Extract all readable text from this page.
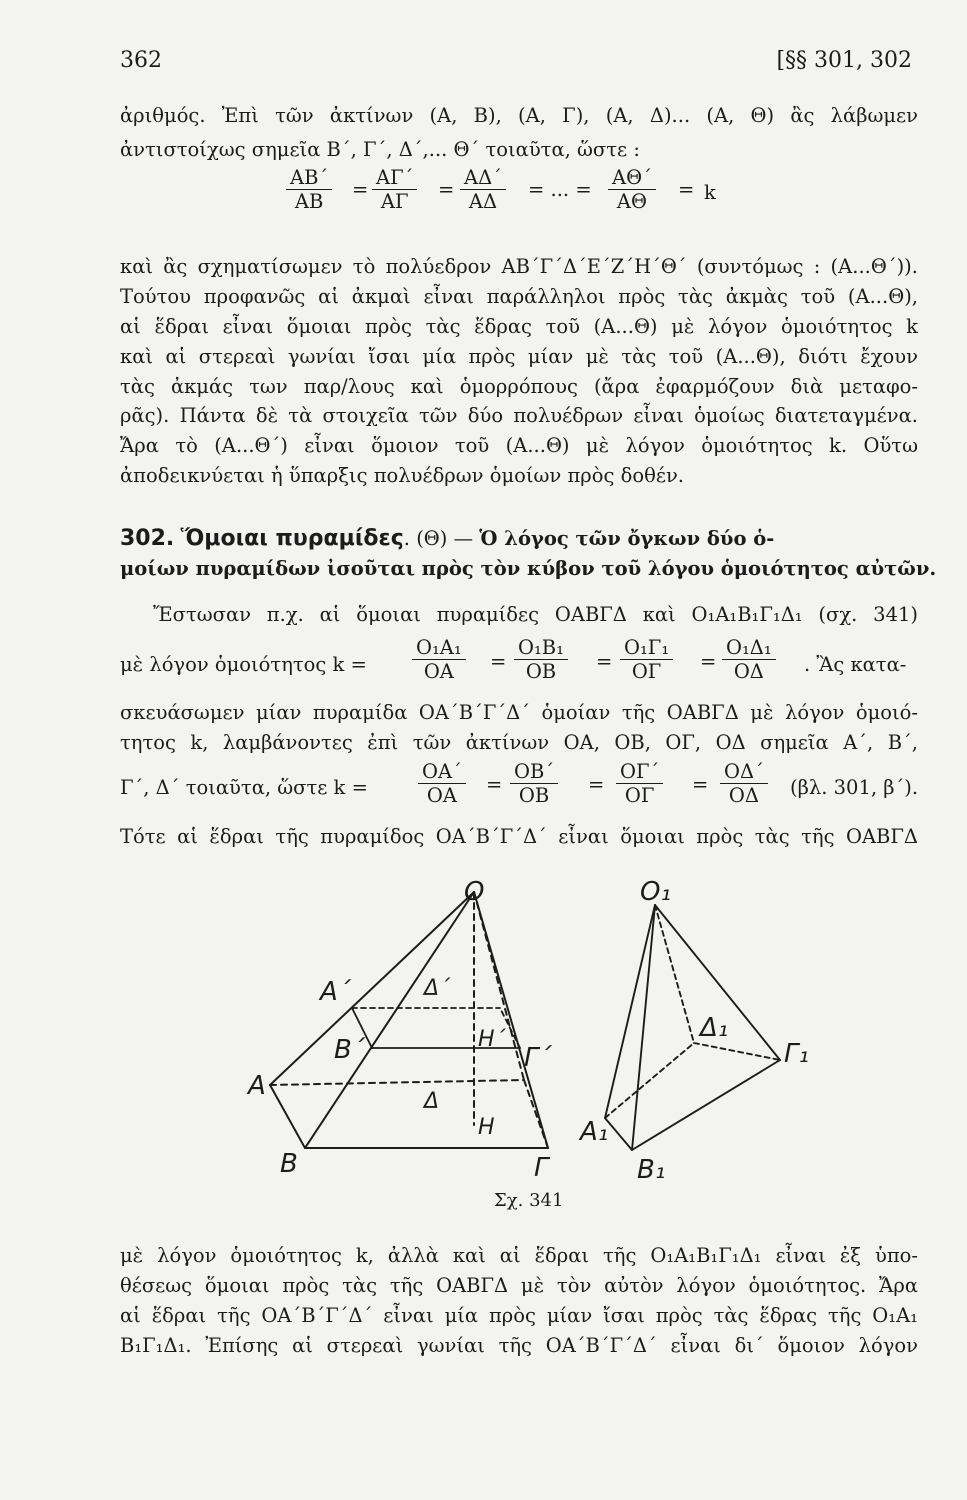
362	[§§ 301, 302
ἀριθμός. Ἐπὶ τῶν ἀκτίνων (Α, Β), (Α, Γ), (Α, Δ)... (Α, Θ) ἂς λάβωμεν
ἀντιστοίχως σημεῖα Β΄, Γ΄, Δ΄,... Θ΄ τοιαῦτα, ὥστε :
$\frac{AB΄}{AB} = \frac{A\Gamma΄}{A\Gamma} = \frac{A\Delta΄}{A\Delta}$ = ... = $\frac{A\Theta΄}{A\Theta} = k$
καὶ ἂς σχηματίσωμεν τὸ πολύεδρον ΑΒ΄Γ΄Δ΄Ε΄Ζ΄Η΄Θ΄ (συντόμως : (Α...Θ΄)).
Τούτου προφανῶς αἱ ἀκμαὶ εἶναι παράλληλοι πρὸς τὰς ἀκμὰς τοῦ (Α...Θ),
αἱ ἕδραι εἶναι ὅμοιαι πρὸς τὰς ἕδρας τοῦ (Α...Θ) μὲ λόγον ὁμοιότητος k
καὶ αἱ στερεαὶ γωνίαι ἴσαι μία πρὸς μίαν μὲ τὰς τοῦ (Α...Θ), διότι ἔχουν
τὰς ἀκμάς των παρ/λους καὶ ὁμορρόπους (ἄρα ἐφαρμόζουν διὰ μεταφο-
ρᾶς). Πάντα δὲ τὰ στοιχεῖα τῶν δύο πολυέδρων εἶναι ὁμοίως διατεταγμένα.
Ἄρα τὸ (Α...Θ΄) εἶναι ὅμοιον τοῦ (Α...Θ) μὲ λόγον ὁμοιότητος k. Οὕτω
ἀποδεικνύεται ἡ ὕπαρξις πολυέδρων ὁμοίων πρὸς δοθέν.
302. Ὅμοιαι πυραμίδες. (Θ) — Ὁ λόγος τῶν ὄγκων δύο ὁ-
μοίων πυραμίδων ἰσοῦται πρὸς τὸν κύβον τοῦ λόγου ὁμοιότητος αὐτῶν.
Ἔστωσαν π.χ. αἱ ὅμοιαι πυραμίδες ΟΑΒΓΔ καὶ Ο₁Α₁Β₁Γ₁Δ₁ (σχ. 341)
μὲ λόγον ὁμοιότητος $k = \frac{\text{Ο₁Α₁}}{OA} = \frac{\text{Ο₁Β₁}}{OB} = \frac{\text{Ο₁Γ₁}}{O\Gamma} = \frac{\text{Ο₁Δ₁}}{O\Delta}$ . Ἂς κατα-
σκευάσωμεν μίαν πυραμίδα ΟΑ΄Β΄Γ΄Δ΄ ὁμοίαν τῆς ΟΑΒΓΔ μὲ λόγον ὁμοιό-
τητος k, λαμβάνοντες ἐπὶ τῶν ἀκτίνων ΟΑ, ΟΒ, ΟΓ, ΟΔ σημεῖα Α΄, Β΄,
Γ΄, Δ΄ τοιαῦτα, ὥστε k =	$\frac{OA΄}{OA} = \frac{OB΄}{OB} = \frac{O\Gamma΄}{O\Gamma} = \frac{O\Delta΄}{O\Delta} (\beta\lambda$. 301, β΄).
Τότε αἱ ἕδραι τῆς πυραμίδος ΟΑ΄Β΄Γ΄Δ΄ εἶναι ὅμοιαι πρὸς τὰς τῆς ΟΑΒΓΔ
O
A΄	Δ΄
H΄
B΄	Γ΄
A
Δ
H
B	Γ
O₁
Δ₁
Γ₁
A₁
B₁
Σχ. 341
μὲ λόγον ὁμοιότητος k, ἀλλὰ καὶ αἱ ἕδραι τῆς Ο₁Α₁Β₁Γ₁Δ₁ εἶναι ἐξ ὑπο-
θέσεως ὅμοιαι πρὸς τὰς τῆς ΟΑΒΓΔ μὲ τὸν αὐτὸν λόγον ὁμοιότητος. Ἄρα
αἱ ἕδραι τῆς ΟΑ΄Β΄Γ΄Δ΄ εἶναι μία πρὸς μίαν ἴσαι πρὸς τὰς ἕδρας τῆς Ο₁Α₁
Β₁Γ₁Δ₁. Ἐπίσης αἱ στερεαὶ γωνίαι τῆς ΟΑ΄Β΄Γ΄Δ΄ εἶναι δι΄ ὅμοιον λόγον
